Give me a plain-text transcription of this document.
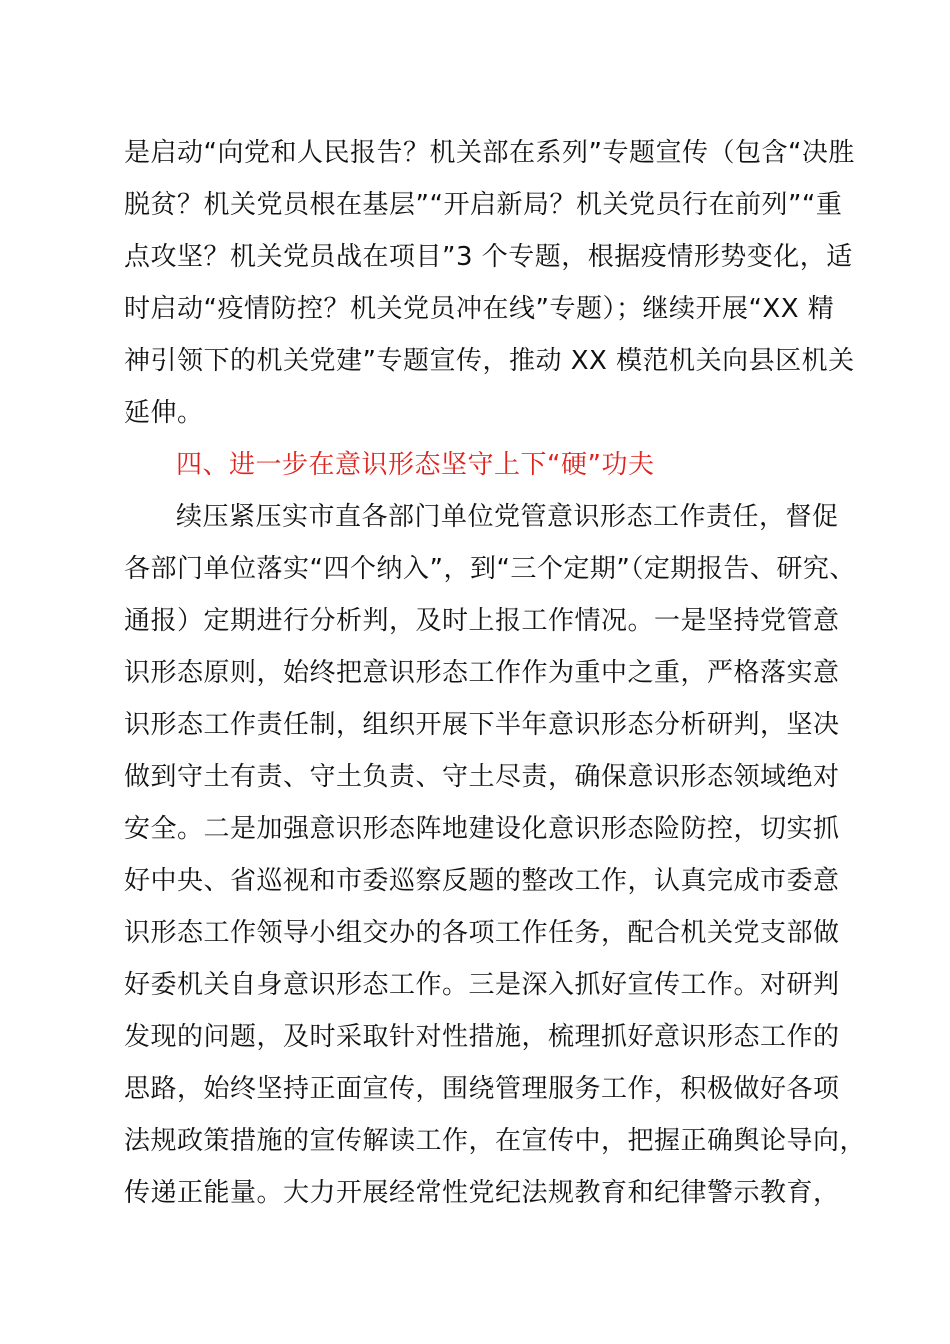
是启动“向党和人民报告？机关部在系列”专题宣传（包含“决胜
脱贫？机关党员根在基层”“开启新局？机关党员行在前列”“重
点攻坚？机关党员战在项目”3 个专题，根据疫情形势变化，适
时启动“疫情防控？机关党员冲在线”专题）；继续开展“XX 精
神引领下的机关党建”专题宣传，推动 XX 模范机关向县区机关
延伸。
四、进一步在意识形态坚守上下“硬”功夫
续压紧压实市直各部门单位党管意识形态工作责任，督促
各部门单位落实“四个纳入”，到“三个定期”（定期报告、研究、
通报）定期进行分析判，及时上报工作情况。一是坚持党管意
识形态原则，始终把意识形态工作作为重中之重，严格落实意
识形态工作责任制，组织开展下半年意识形态分析研判，坚决
做到守土有责、守土负责、守土尽责，确保意识形态领域绝对
安全。二是加强意识形态阵地建设化意识形态险防控，切实抓
好中央、省巡视和市委巡察反题的整改工作，认真完成市委意
识形态工作领导小组交办的各项工作任务，配合机关党支部做
好委机关自身意识形态工作。三是深入抓好宣传工作。对研判
发现的问题，及时采取针对性措施，梳理抓好意识形态工作的
思路，始终坚持正面宣传，围绕管理服务工作，积极做好各项
法规政策措施的宣传解读工作，在宣传中，把握正确舆论导向，
传递正能量。大力开展经常性党纪法规教育和纪律警示教育，
